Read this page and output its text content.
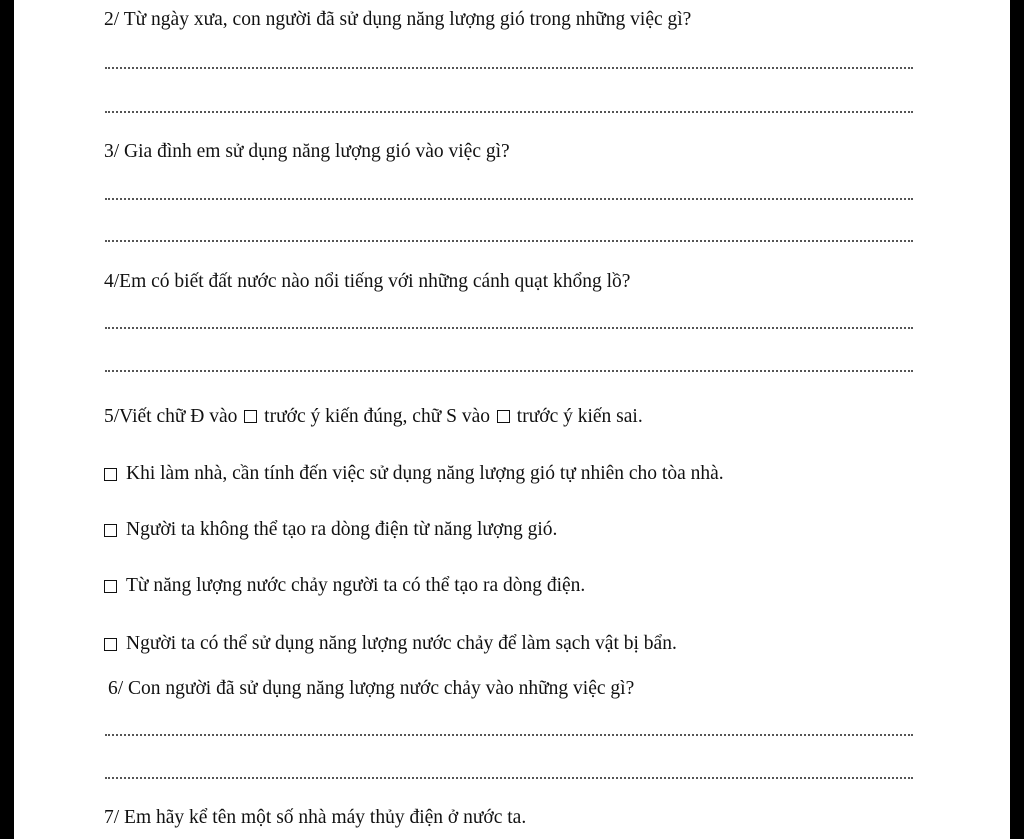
2/ Từ ngày xưa, con người đã sử dụng năng lượng gió trong những việc gì?

3/ Gia đình em sử dụng năng lượng gió vào việc gì?

4/Em có biết đất nước nào nổi tiếng với những cánh quạt khổng lồ?

5/Viết chữ Đ vào trước ý kiến đúng, chữ S vào trước ý kiến sai.

Khi làm nhà, cần tính đến việc sử dụng năng lượng gió tự nhiên cho tòa nhà.
Người ta không thể tạo ra dòng điện từ năng lượng gió.
Từ năng lượng nước chảy người ta có thể tạo ra dòng điện.
Người ta có thể sử dụng năng lượng nước chảy để làm sạch vật bị bẩn.

6/ Con người đã sử dụng năng lượng nước chảy vào những việc gì?

7/ Em hãy kể tên một số nhà máy thủy điện ở nước ta.
